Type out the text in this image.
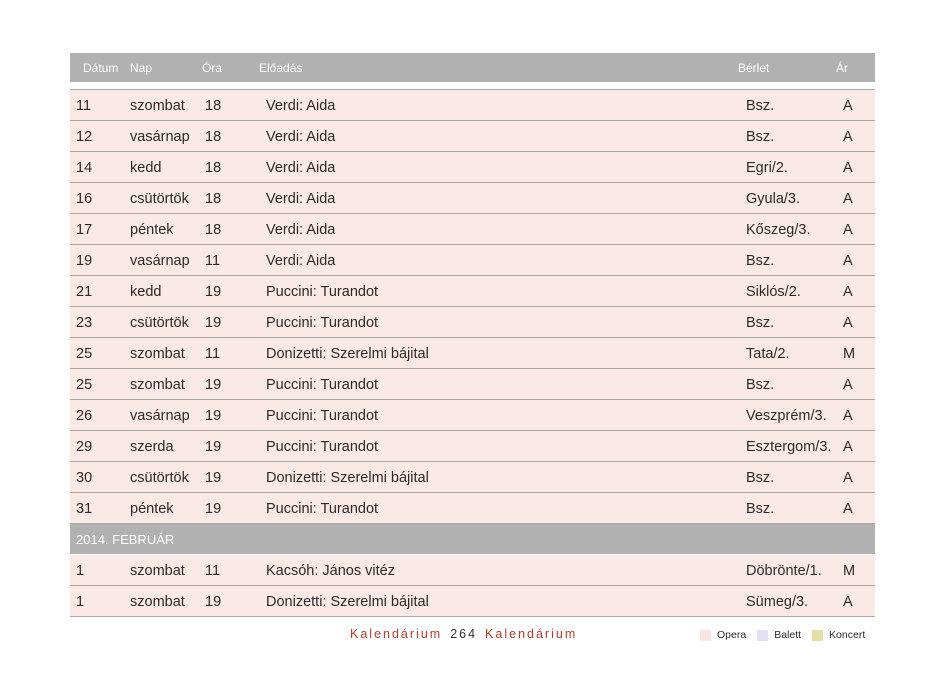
Dátum Nap	Óra	Előadás	Bérlet	Ár
11	szombat 18	Verdi: Aida	Bsz.	A
12	vasárnap 18	Verdi: Aida	Bsz.	A
14	kedd	18	Verdi: Aida	Egri/2.	A
16	csütörtök 18	Verdi: Aida	Gyula/3.	A
17	péntek 18	Verdi: Aida	Kőszeg/3. A
19	vasárnap 11	Verdi: Aida	Bsz.	A
21	kedd	19	Puccini: Turandot	Siklós/2.	A
23	csütörtök 19	Puccini: Turandot	Bsz.	A
25	szombat 11	Donizetti: Szerelmi bájital	Tata/2.	M
25	szombat 19	Puccini: Turandot	Bsz.	A
26	vasárnap 19	Puccini: Turandot	Veszprém/3. A
29	szerda 19	Puccini: Turandot	Esztergom/3. A
30	csütörtök 19	Donizetti: Szerelmi bájital	Bsz.	A
31	péntek 19	Puccini: Turandot	Bsz.	A
2014. FEBRUÁR
1	szombat 11	Kacsóh: János vitéz	Döbrönte/1. M
1	szombat 19	Donizetti: Szerelmi bájital	Sümeg/3. A
Kalendárium 264 Kalendárium	Opera	Balett	Koncert
